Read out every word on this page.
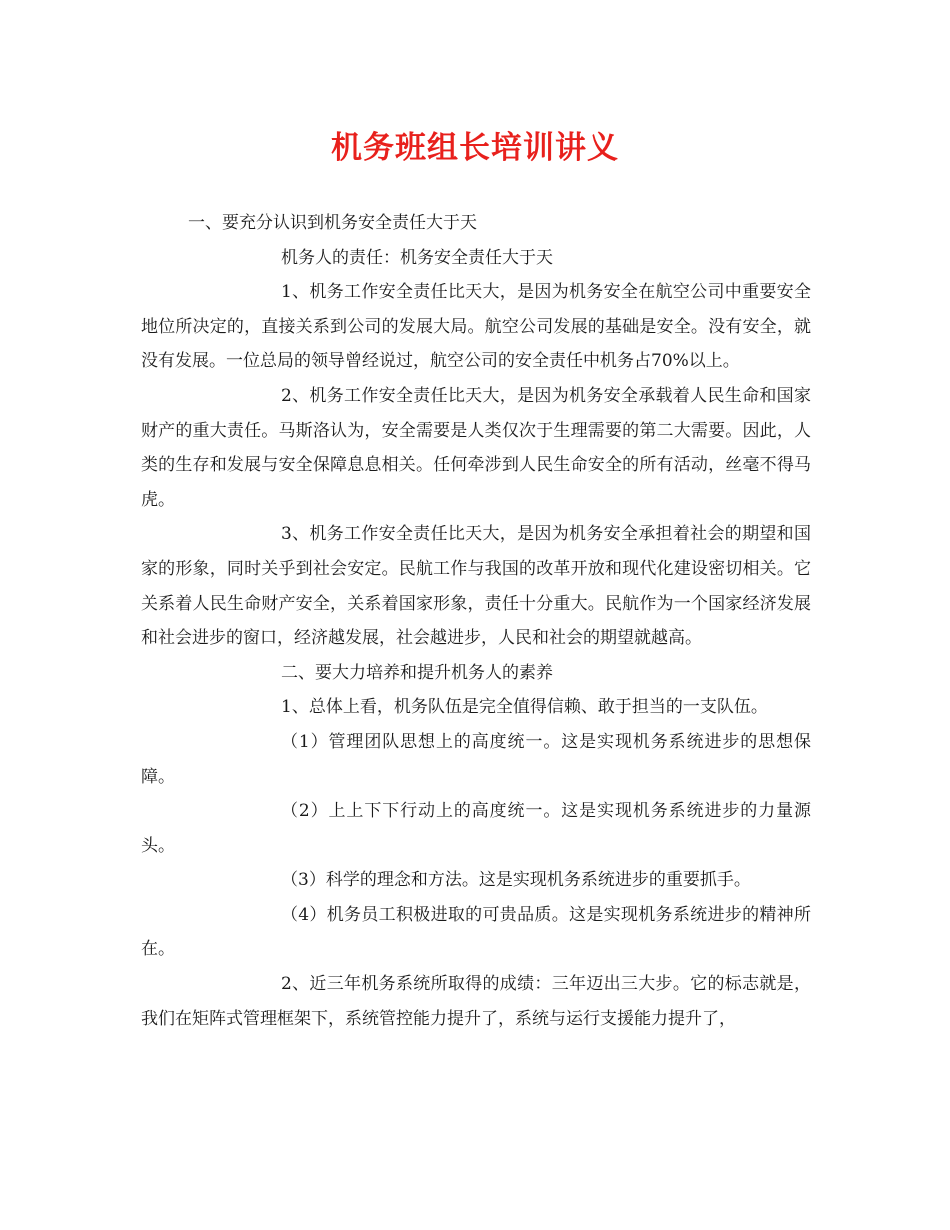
机务班组长培训讲义

一、要充分认识到机务安全责任大于天

机务人的责任：机务安全责任大于天

1、机务工作安全责任比天大，是因为机务安全在航空公司中重要安全地位所决定的，直接关系到公司的发展大局。航空公司发展的基础是安全。没有安全，就没有发展。一位总局的领导曾经说过，航空公司的安全责任中机务占70%以上。

2、机务工作安全责任比天大，是因为机务安全承载着人民生命和国家财产的重大责任。马斯洛认为，安全需要是人类仅次于生理需要的第二大需要。因此，人类的生存和发展与安全保障息息相关。任何牵涉到人民生命安全的所有活动，丝毫不得马虎。

3、机务工作安全责任比天大，是因为机务安全承担着社会的期望和国家的形象，同时关乎到社会安定。民航工作与我国的改革开放和现代化建设密切相关。它关系着人民生命财产安全，关系着国家形象，责任十分重大。民航作为一个国家经济发展和社会进步的窗口，经济越发展，社会越进步，人民和社会的期望就越高。

二、要大力培养和提升机务人的素养

1、总体上看，机务队伍是完全值得信赖、敢于担当的一支队伍。

（1）管理团队思想上的高度统一。这是实现机务系统进步的思想保障。

（2）上上下下行动上的高度统一。这是实现机务系统进步的力量源头。

（3）科学的理念和方法。这是实现机务系统进步的重要抓手。

（4）机务员工积极进取的可贵品质。这是实现机务系统进步的精神所在。

2、近三年机务系统所取得的成绩：三年迈出三大步。它的标志就是，我们在矩阵式管理框架下，系统管控能力提升了，系统与运行支援能力提升了，
